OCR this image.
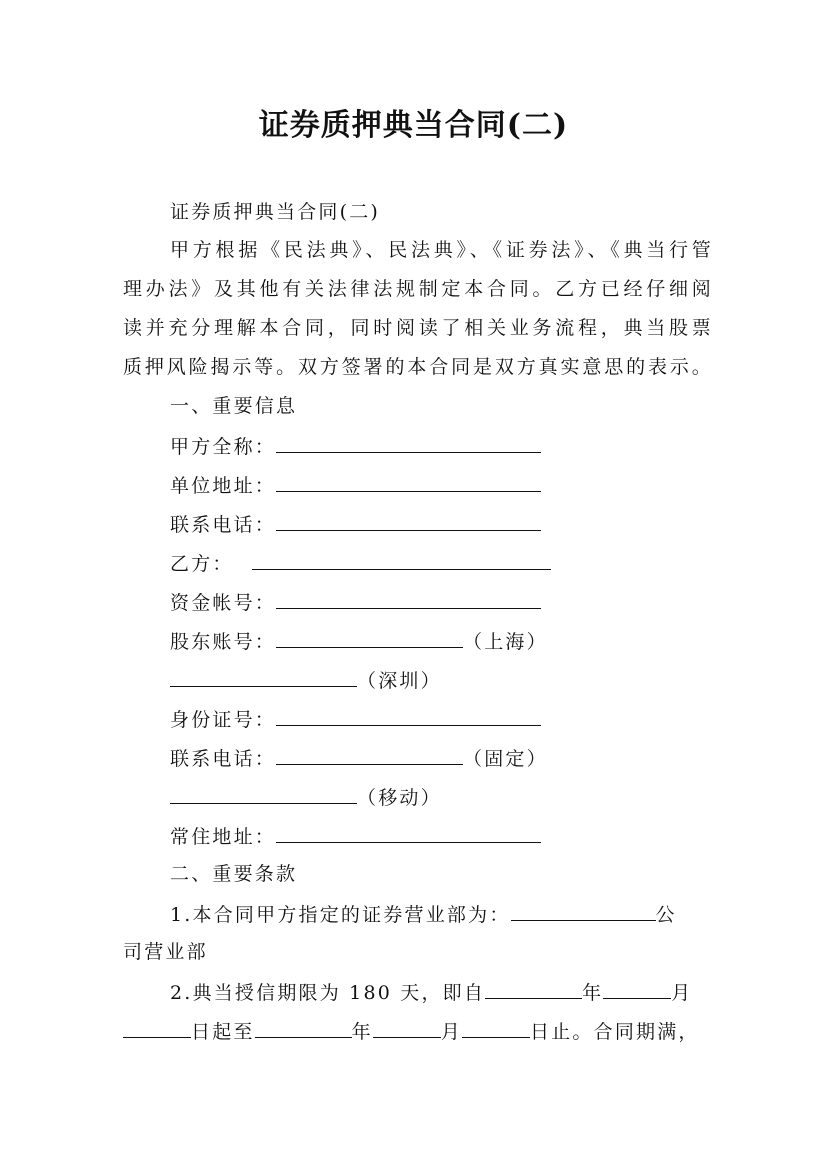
证券质押典当合同(二)
证券质押典当合同(二)
甲方根据《民法典》、民法典》、《证券法》、《典当行管
理办法》及其他有关法律法规制定本合同。乙方已经仔细阅
读并充分理解本合同，同时阅读了相关业务流程，典当股票
质押风险揭示等。双方签署的本合同是双方真实意思的表示。
一、重要信息
甲方全称：
单位地址：
联系电话：
乙方：
资金帐号：
股东账号：	（上海）
（深圳）
身份证号：
联系电话：	（固定）
（移动）
常住地址：
二、重要条款
1.本合同甲方指定的证券营业部为：	公
司营业部
2.典当授信期限为 180 天，即自	年	月
日起至	年	月	日止。合同期满，
